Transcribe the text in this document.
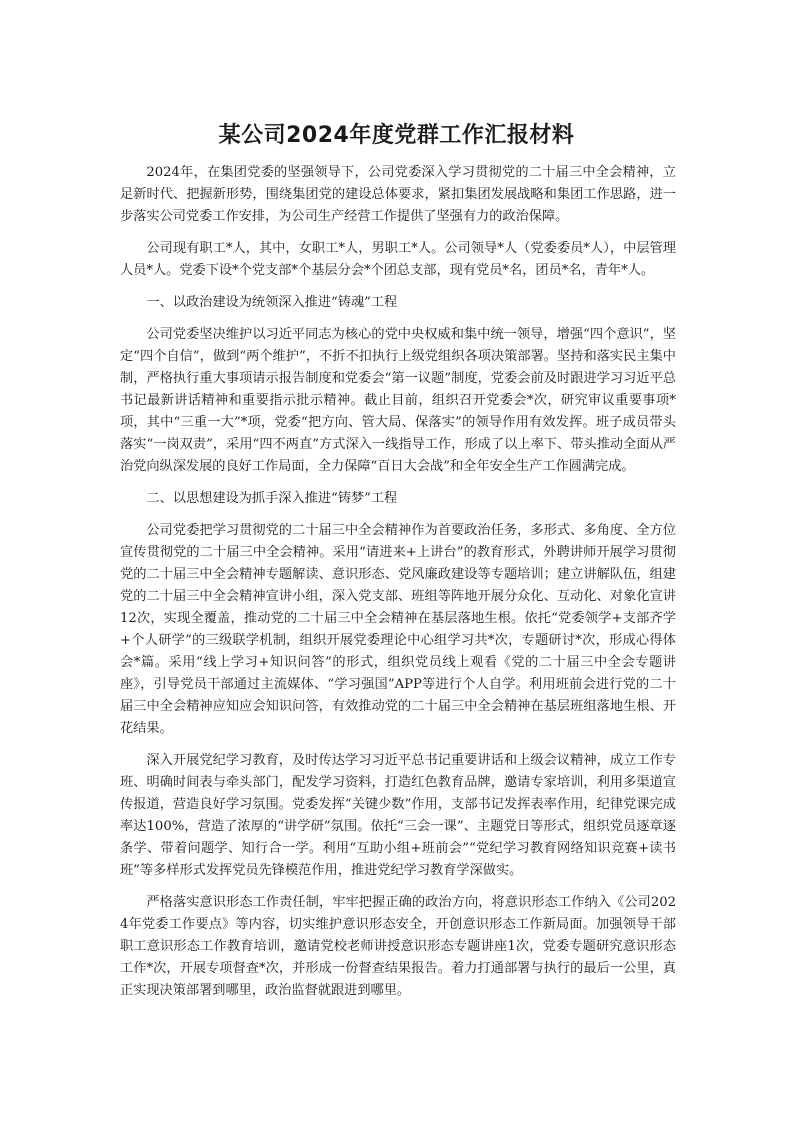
某公司2024年度党群工作汇报材料

2024年，在集团党委的坚强领导下，公司党委深入学习贯彻党的二十届三中全会精神，立足新时代、把握新形势，围绕集团党的建设总体要求，紧扣集团发展战略和集团工作思路，进一步落实公司党委工作安排，为公司生产经营工作提供了坚强有力的政治保障。

公司现有职工*人，其中，女职工*人，男职工*人。公司领导*人（党委委员*人），中层管理人员*人。党委下设*个党支部*个基层分会*个团总支部，现有党员*名，团员*名，青年*人。

一、以政治建设为统领深入推进“铸魂”工程

公司党委坚决维护以习近平同志为核心的党中央权威和集中统一领导，增强“四个意识”，坚定“四个自信”，做到“两个维护”，不折不扣执行上级党组织各项决策部署。坚持和落实民主集中制，严格执行重大事项请示报告制度和党委会“第一议题”制度，党委会前及时跟进学习习近平总书记最新讲话精神和重要指示批示精神。截止目前，组织召开党委会*次，研究审议重要事项*项，其中“三重一大”*项，党委“把方向、管大局、保落实”的领导作用有效发挥。班子成员带头落实“一岗双责”，采用“四不两直”方式深入一线指导工作，形成了以上率下、带头推动全面从严治党向纵深发展的良好工作局面，全力保障“百日大会战”和全年安全生产工作圆满完成。

二、以思想建设为抓手深入推进“铸梦”工程

公司党委把学习贯彻党的二十届三中全会精神作为首要政治任务，多形式、多角度、全方位宣传贯彻党的二十届三中全会精神。采用“请进来+上讲台”的教育形式，外聘讲师开展学习贯彻党的二十届三中全会精神专题解读、意识形态、党风廉政建设等专题培训；建立讲解队伍，组建党的二十届三中全会精神宣讲小组，深入党支部、班组等阵地开展分众化、互动化、对象化宣讲12次，实现全覆盖，推动党的二十届三中全会精神在基层落地生根。依托“党委领学+支部齐学+个人研学”的三级联学机制，组织开展党委理论中心组学习共*次，专题研讨*次，形成心得体会*篇。采用“线上学习+知识问答”的形式，组织党员线上观看《党的二十届三中全会专题讲座》，引导党员干部通过主流媒体、“学习强国”APP等进行个人自学。利用班前会进行党的二十届三中全会精神应知应会知识问答，有效推动党的二十届三中全会精神在基层班组落地生根、开花结果。

深入开展党纪学习教育，及时传达学习习近平总书记重要讲话和上级会议精神，成立工作专班、明确时间表与牵头部门，配发学习资料，打造红色教育品牌，邀请专家培训，利用多渠道宣传报道，营造良好学习氛围。党委发挥“关键少数”作用，支部书记发挥表率作用，纪律党课完成率达100%，营造了浓厚的“讲学研”氛围。依托“三会一课”、主题党日等形式，组织党员逐章逐条学、带着问题学、知行合一学。利用“互助小组+班前会”“党纪学习教育网络知识竞赛+读书班”等多样形式发挥党员先锋模范作用，推进党纪学习教育学深做实。

严格落实意识形态工作责任制，牢牢把握正确的政治方向，将意识形态工作纳入《公司2024年党委工作要点》等内容，切实维护意识形态安全，开创意识形态工作新局面。加强领导干部职工意识形态工作教育培训，邀请党校老师讲授意识形态专题讲座1次，党委专题研究意识形态工作*次，开展专项督查*次，并形成一份督查结果报告。着力打通部署与执行的最后一公里，真正实现决策部署到哪里，政治监督就跟进到哪里。
